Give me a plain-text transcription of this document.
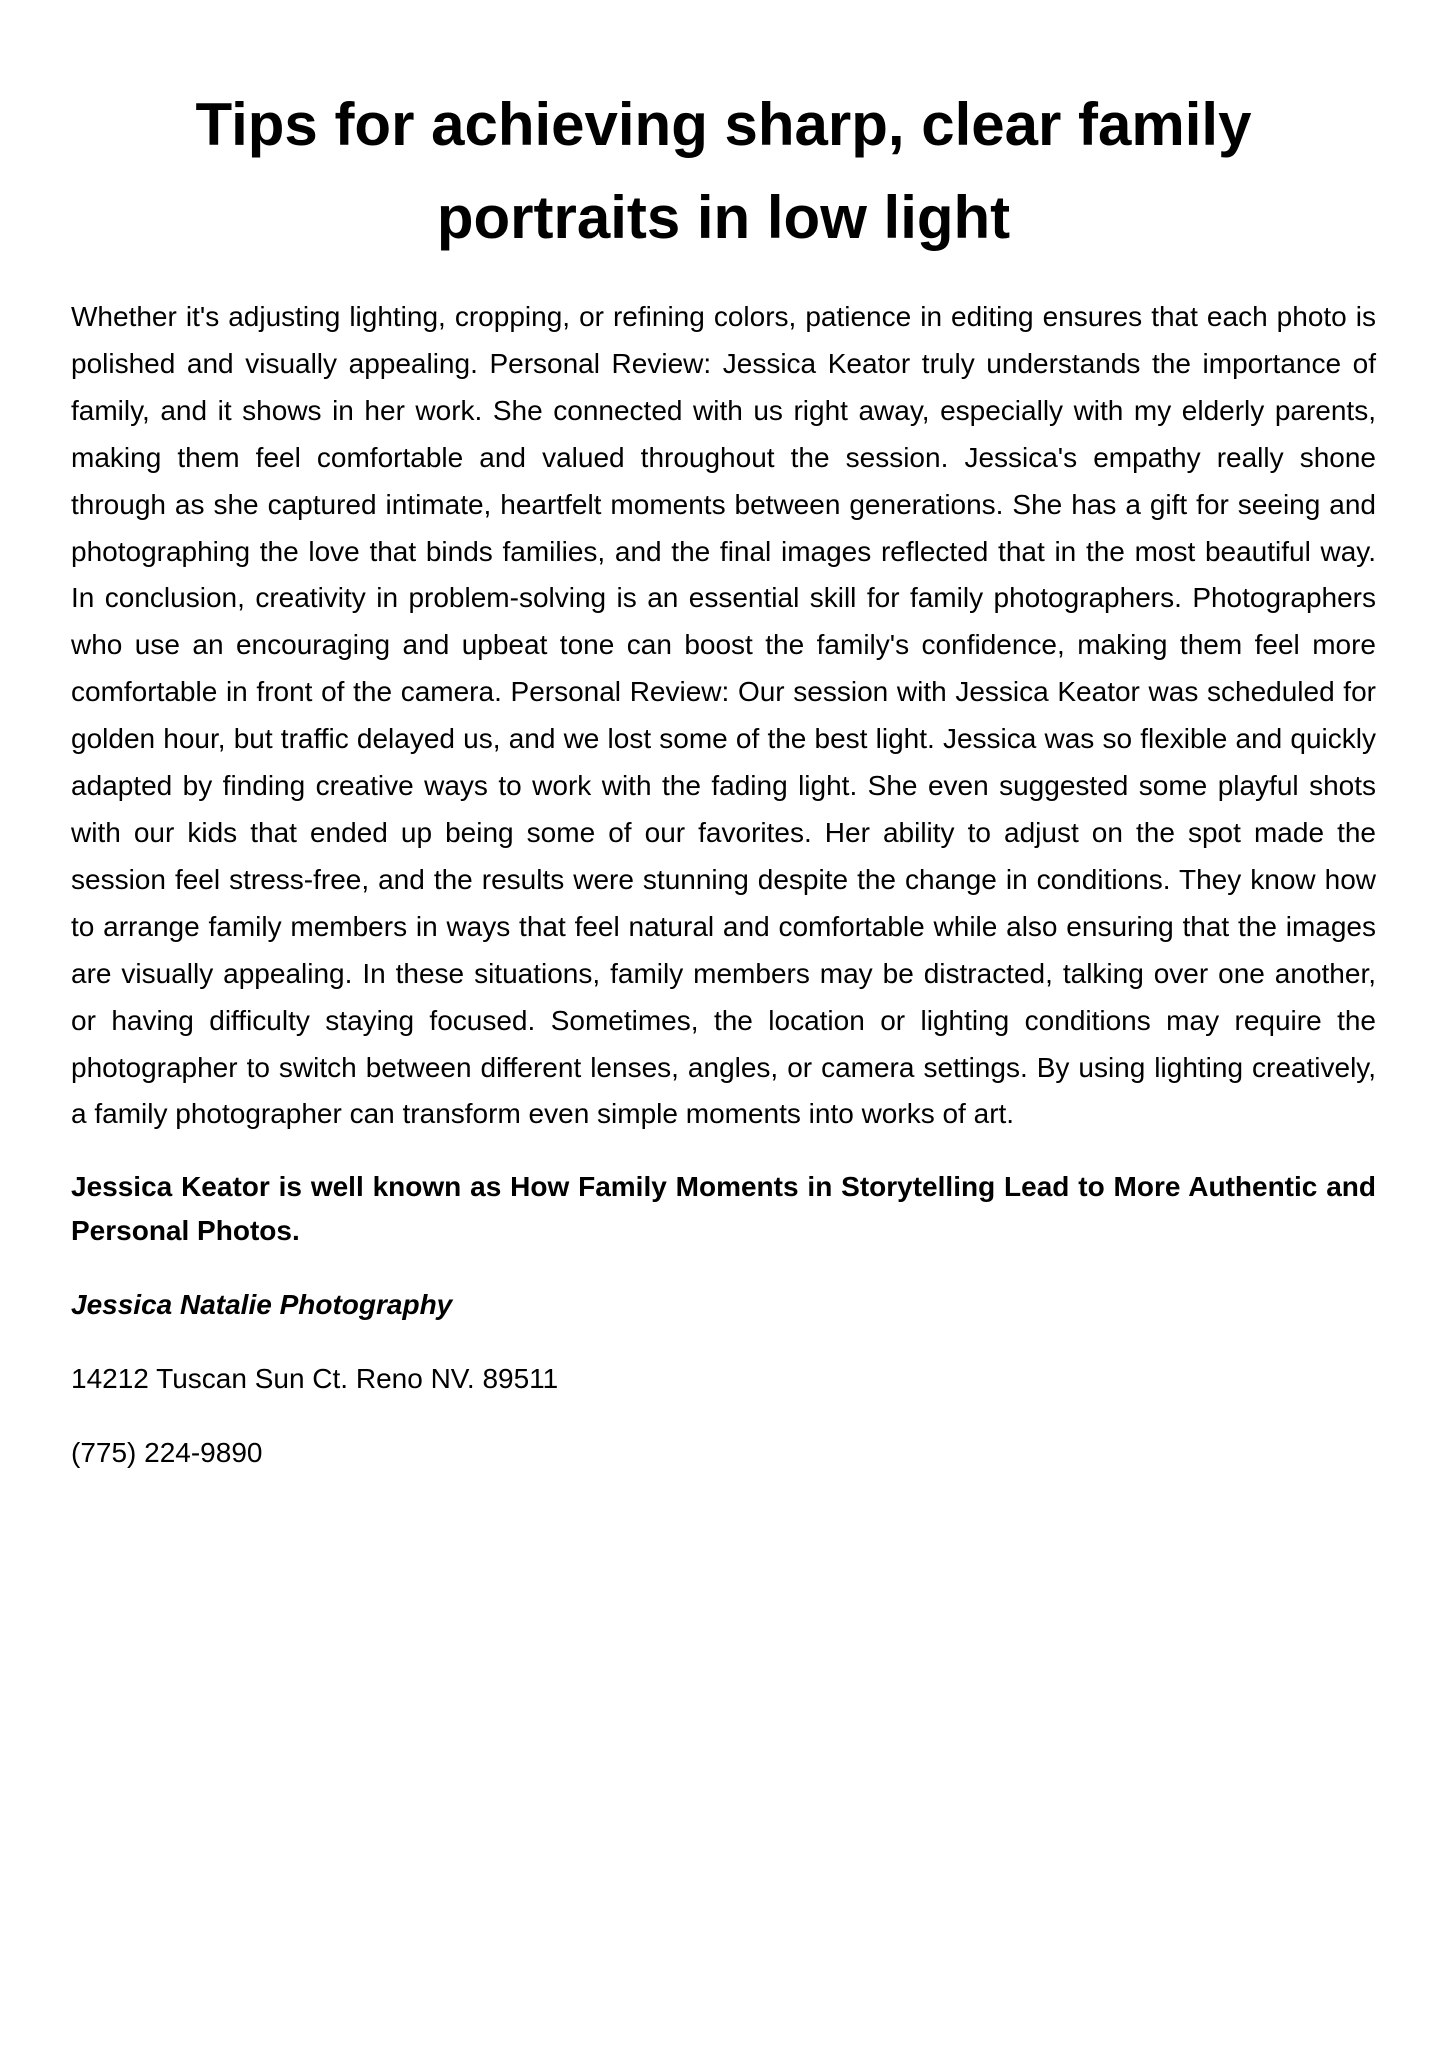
Tips for achieving sharp, clear family portraits in low light

Whether it's adjusting lighting, cropping, or refining colors, patience in editing ensures that each photo is polished and visually appealing. Personal Review: Jessica Keator truly understands the importance of family, and it shows in her work. She connected with us right away, especially with my elderly parents, making them feel comfortable and valued throughout the session. Jessica's empathy really shone through as she captured intimate, heartfelt moments between generations. She has a gift for seeing and photographing the love that binds families, and the final images reflected that in the most beautiful way. In conclusion, creativity in problem-solving is an essential skill for family photographers. Photographers who use an encouraging and upbeat tone can boost the family's confidence, making them feel more comfortable in front of the camera. Personal Review: Our session with Jessica Keator was scheduled for golden hour, but traffic delayed us, and we lost some of the best light. Jessica was so flexible and quickly adapted by finding creative ways to work with the fading light. She even suggested some playful shots with our kids that ended up being some of our favorites. Her ability to adjust on the spot made the session feel stress-free, and the results were stunning despite the change in conditions. They know how to arrange family members in ways that feel natural and comfortable while also ensuring that the images are visually appealing. In these situations, family members may be distracted, talking over one another, or having difficulty staying focused. Sometimes, the location or lighting conditions may require the photographer to switch between different lenses, angles, or camera settings. By using lighting creatively, a family photographer can transform even simple moments into works of art.

Jessica Keator is well known as How Family Moments in Storytelling Lead to More Authentic and Personal Photos.

Jessica Natalie Photography

14212 Tuscan Sun Ct. Reno NV. 89511

(775) 224-9890
